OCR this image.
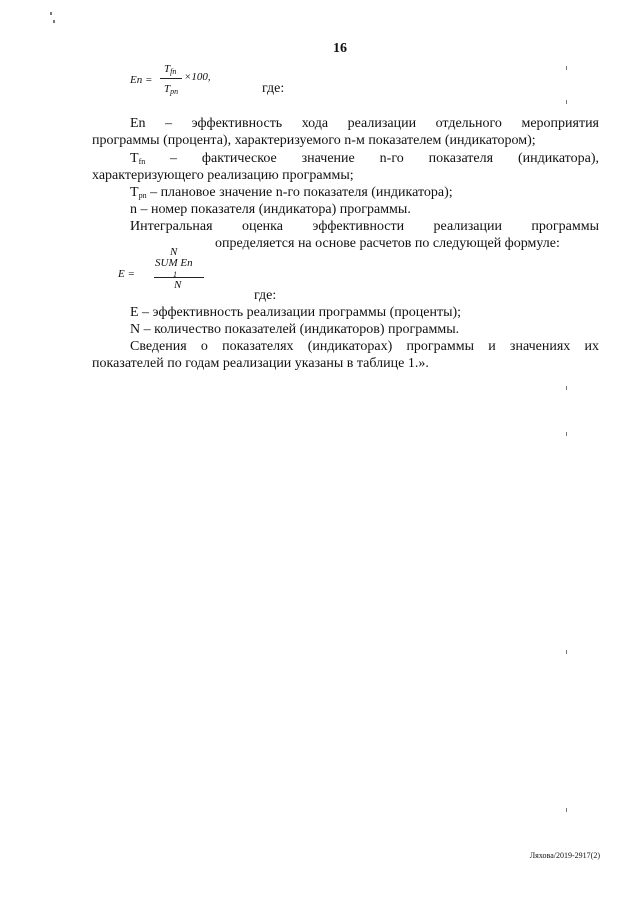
16
En =
Tfn
Tpn
×100,
где:
En – эффективность хода реализации отдельного мероприятия
программы (процента), характеризуемого n-м показателем (индикатором);
Tfn – фактическое значение n-го показателя (индикатора),
характеризующего реализацию программы;
Tpn – плановое значение n-го показателя (индикатора);
n – номер показателя (индикатора) программы.
Интегральная оценка эффективности реализации программы
определяется на основе расчетов по следующей формуле:
N
SUM En
E =	1
N
где:
E – эффективность реализации программы (проценты);
N – количество показателей (индикаторов) программы.
Сведения о показателях (индикаторах) программы и значениях их
показателей по годам реализации указаны в таблице 1.».
Ляхова/2019-2917(2)
